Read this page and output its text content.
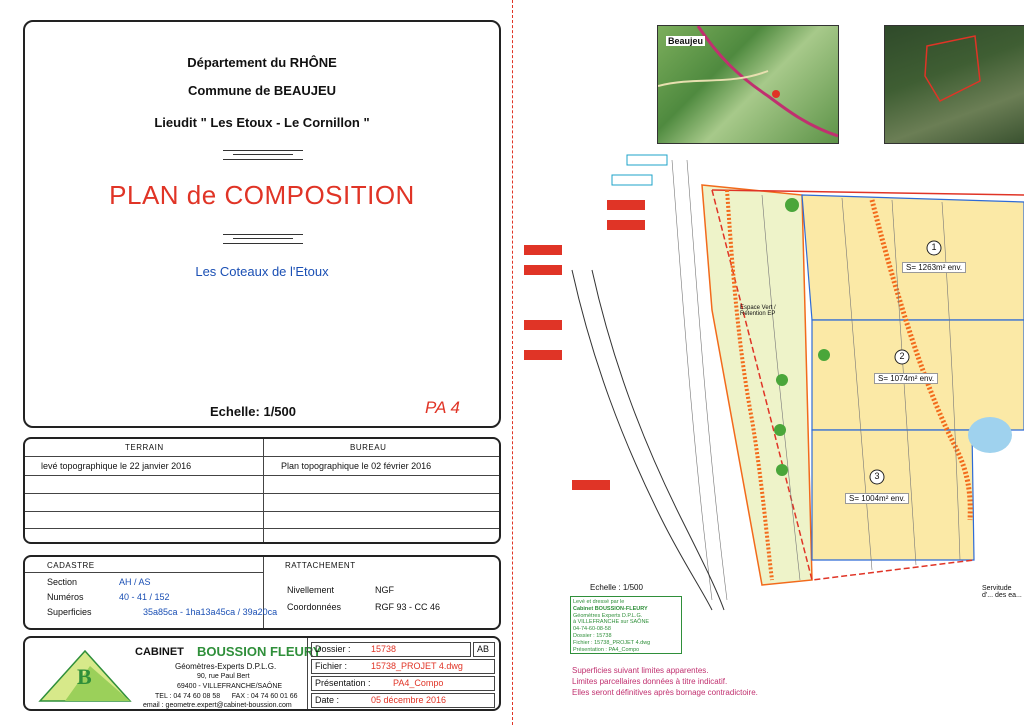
Département du RHÔNE
Commune de BEAUJEU
Lieudit " Les Etoux - Le Cornillon "
PLAN de COMPOSITION
Les Coteaux de l'Etoux
Echelle: 1/500	PA 4
TERRAIN	BUREAU
levé topographique le 22 janvier 2016	Plan topographique le 02 février 2016
CADASTRE
Section	AH / AS
Numéros	40 - 41 / 152
Superficies	35a85ca - 1ha13a45ca / 39a20ca
RATTACHEMENT
Nivellement	NGF
Coordonnées	RGF 93 - CC 46
B
CABINET BOUSSION FLEURY
Géomètres-Experts D.P.L.G.
90, rue Paul Bert
69400 - VILLEFRANCHE/SAÔNE
TEL : 04 74 60 08 58      FAX : 04 74 60 01 66
email : geometre.expert@cabinet-boussion.com
Dossier : 15738	AB
Fichier :	15738_PROJET 4.dwg
Présentation : PA4_Compo
Date :	05 décembre 2016
Beaujeu
1
S= 1263m² env.
2
S= 1074m² env.
3
S= 1004m² env.
Espace Vert / Rétention EP
Echelle : 1/500	Servitude d'... des ea...
Levé et dressé par le
Cabinet BOUSSION-FLEURY
Géomètres Experts D.P.L.G.
à VILLEFRANCHE sur SAÔNE
04-74-60-08-58
Dossier : 15738
Fichier : 15738_PROJET 4.dwg
Présentation : PA4_Compo
Superficies suivant limites apparentes.
Limites parcellaires données à titre indicatif.
Elles seront définitives après bornage contradictoire.
